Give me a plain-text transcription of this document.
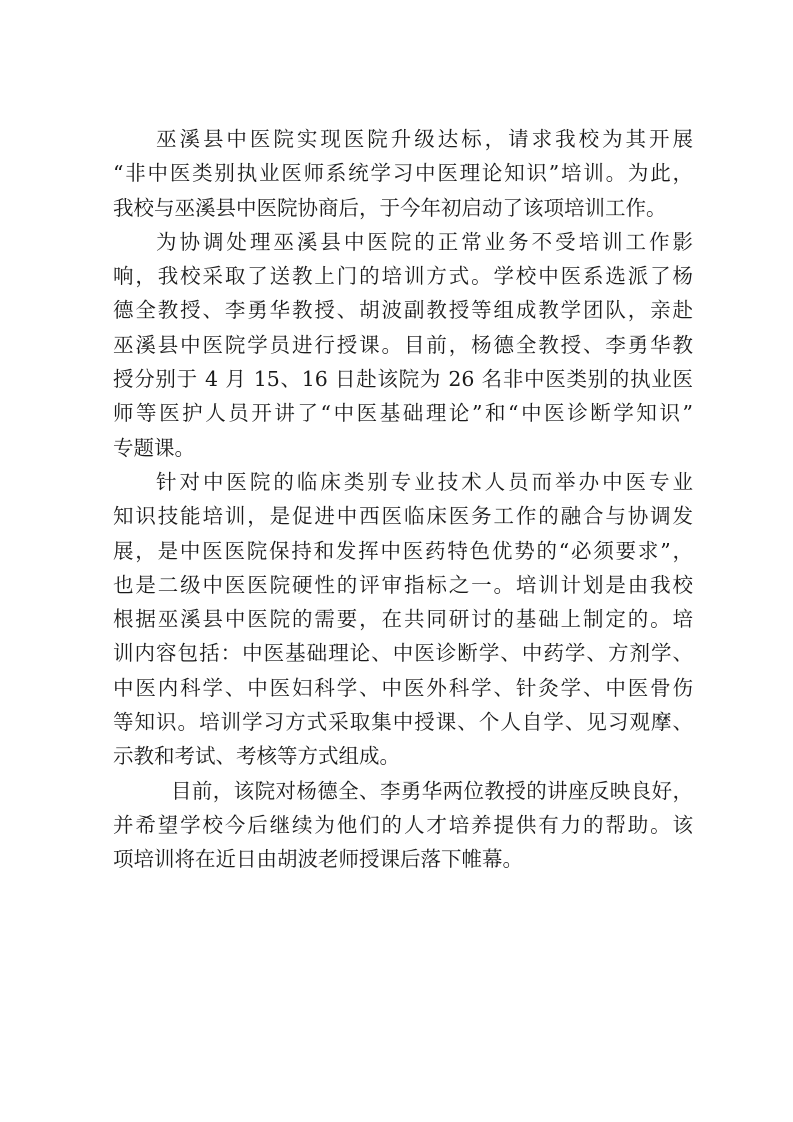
巫溪县中医院实现医院升级达标，请求我校为其开展
“非中医类别执业医师系统学习中医理论知识”培训。为此，
我校与巫溪县中医院协商后，于今年初启动了该项培训工作。

为协调处理巫溪县中医院的正常业务不受培训工作影
响，我校采取了送教上门的培训方式。学校中医系选派了杨
德全教授、李勇华教授、胡波副教授等组成教学团队，亲赴
巫溪县中医院学员进行授课。目前，杨德全教授、李勇华教
授分别于 4 月 15、16 日赴该院为 26 名非中医类别的执业医
师等医护人员开讲了“中医基础理论”和“中医诊断学知识”
专题课。

针对中医院的临床类别专业技术人员而举办中医专业
知识技能培训，是促进中西医临床医务工作的融合与协调发
展，是中医医院保持和发挥中医药特色优势的“必须要求”，
也是二级中医医院硬性的评审指标之一。培训计划是由我校
根据巫溪县中医院的需要，在共同研讨的基础上制定的。培
训内容包括：中医基础理论、中医诊断学、中药学、方剂学、
中医内科学、中医妇科学、中医外科学、针灸学、中医骨伤
等知识。培训学习方式采取集中授课、个人自学、见习观摩、
示教和考试、考核等方式组成。

目前，该院对杨德全、李勇华两位教授的讲座反映良好，
并希望学校今后继续为他们的人才培养提供有力的帮助。该
项培训将在近日由胡波老师授课后落下帷幕。
